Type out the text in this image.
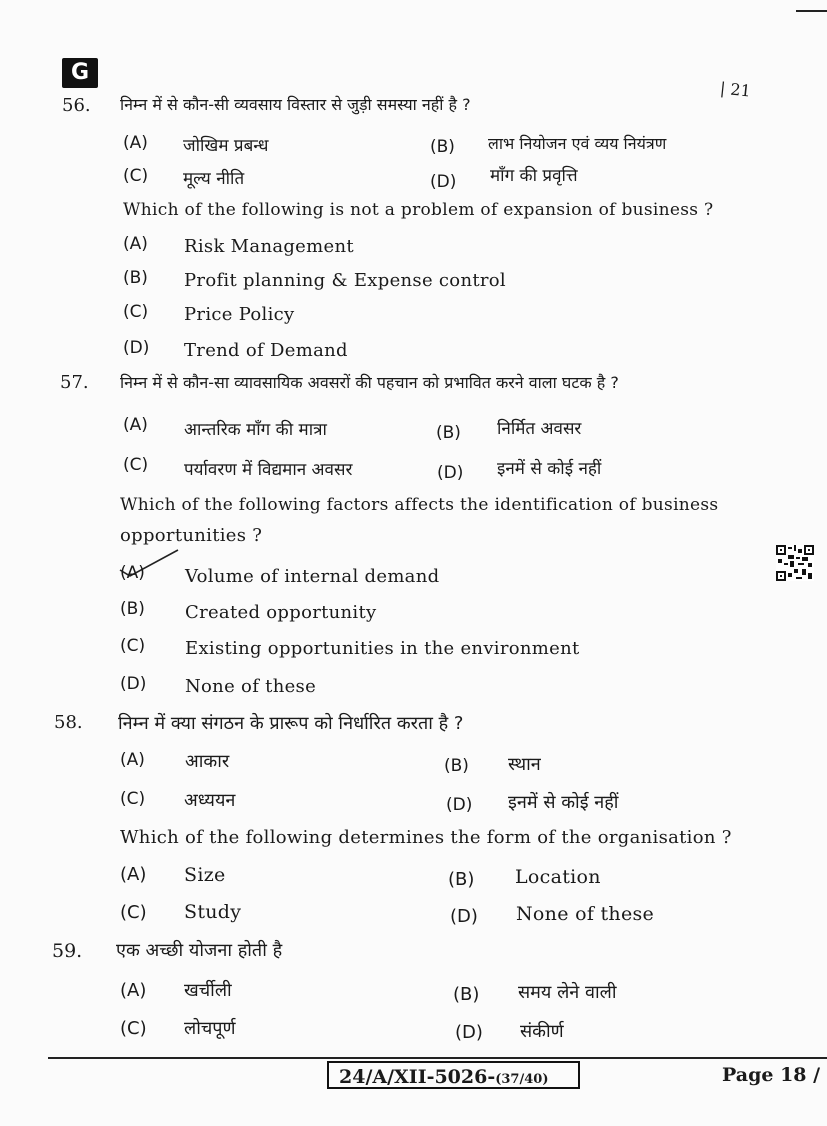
G
| 21
56. निम्न में से कौन-सी व्यवसाय विस्तार से जुड़ी समस्या नहीं है ?
(A) जोखिम प्रबन्ध	(B) लाभ नियोजन एवं व्यय नियंत्रण
(C) मूल्य नीति	(D) माँग की प्रवृत्ति
Which of the following is not a problem of expansion of business ?
(A) Risk Management
(B) Profit planning & Expense control
(C) Price Policy
(D) Trend of Demand
57. निम्न में से कौन-सा व्यावसायिक अवसरों की पहचान को प्रभावित करने वाला घटक है ?
(A) आन्तरिक माँग की मात्रा	(B) निर्मित अवसर
(C) पर्यावरण में विद्यमान अवसर	(D) इनमें से कोई नहीं
Which of the following factors affects the identification of business
opportunities ?
(A) Volume of internal demand
(B) Created opportunity
(C) Existing opportunities in the environment
(D) None of these
58. निम्न में क्या संगठन के प्रारूप को निर्धारित करता है ?
(A) आकार	(B) स्थान
(C) अध्ययन	(D) इनमें से कोई नहीं
Which of the following determines the form of the organisation ?
(A) Size	(B) Location
(C) Study	(D) None of these
59. एक अच्छी योजना होती है
(A) खर्चीली	(B) समय लेने वाली
(C) लोचपूर्ण	(D) संकीर्ण
24/A/XII-5026-(37/40)	Page 18 /
